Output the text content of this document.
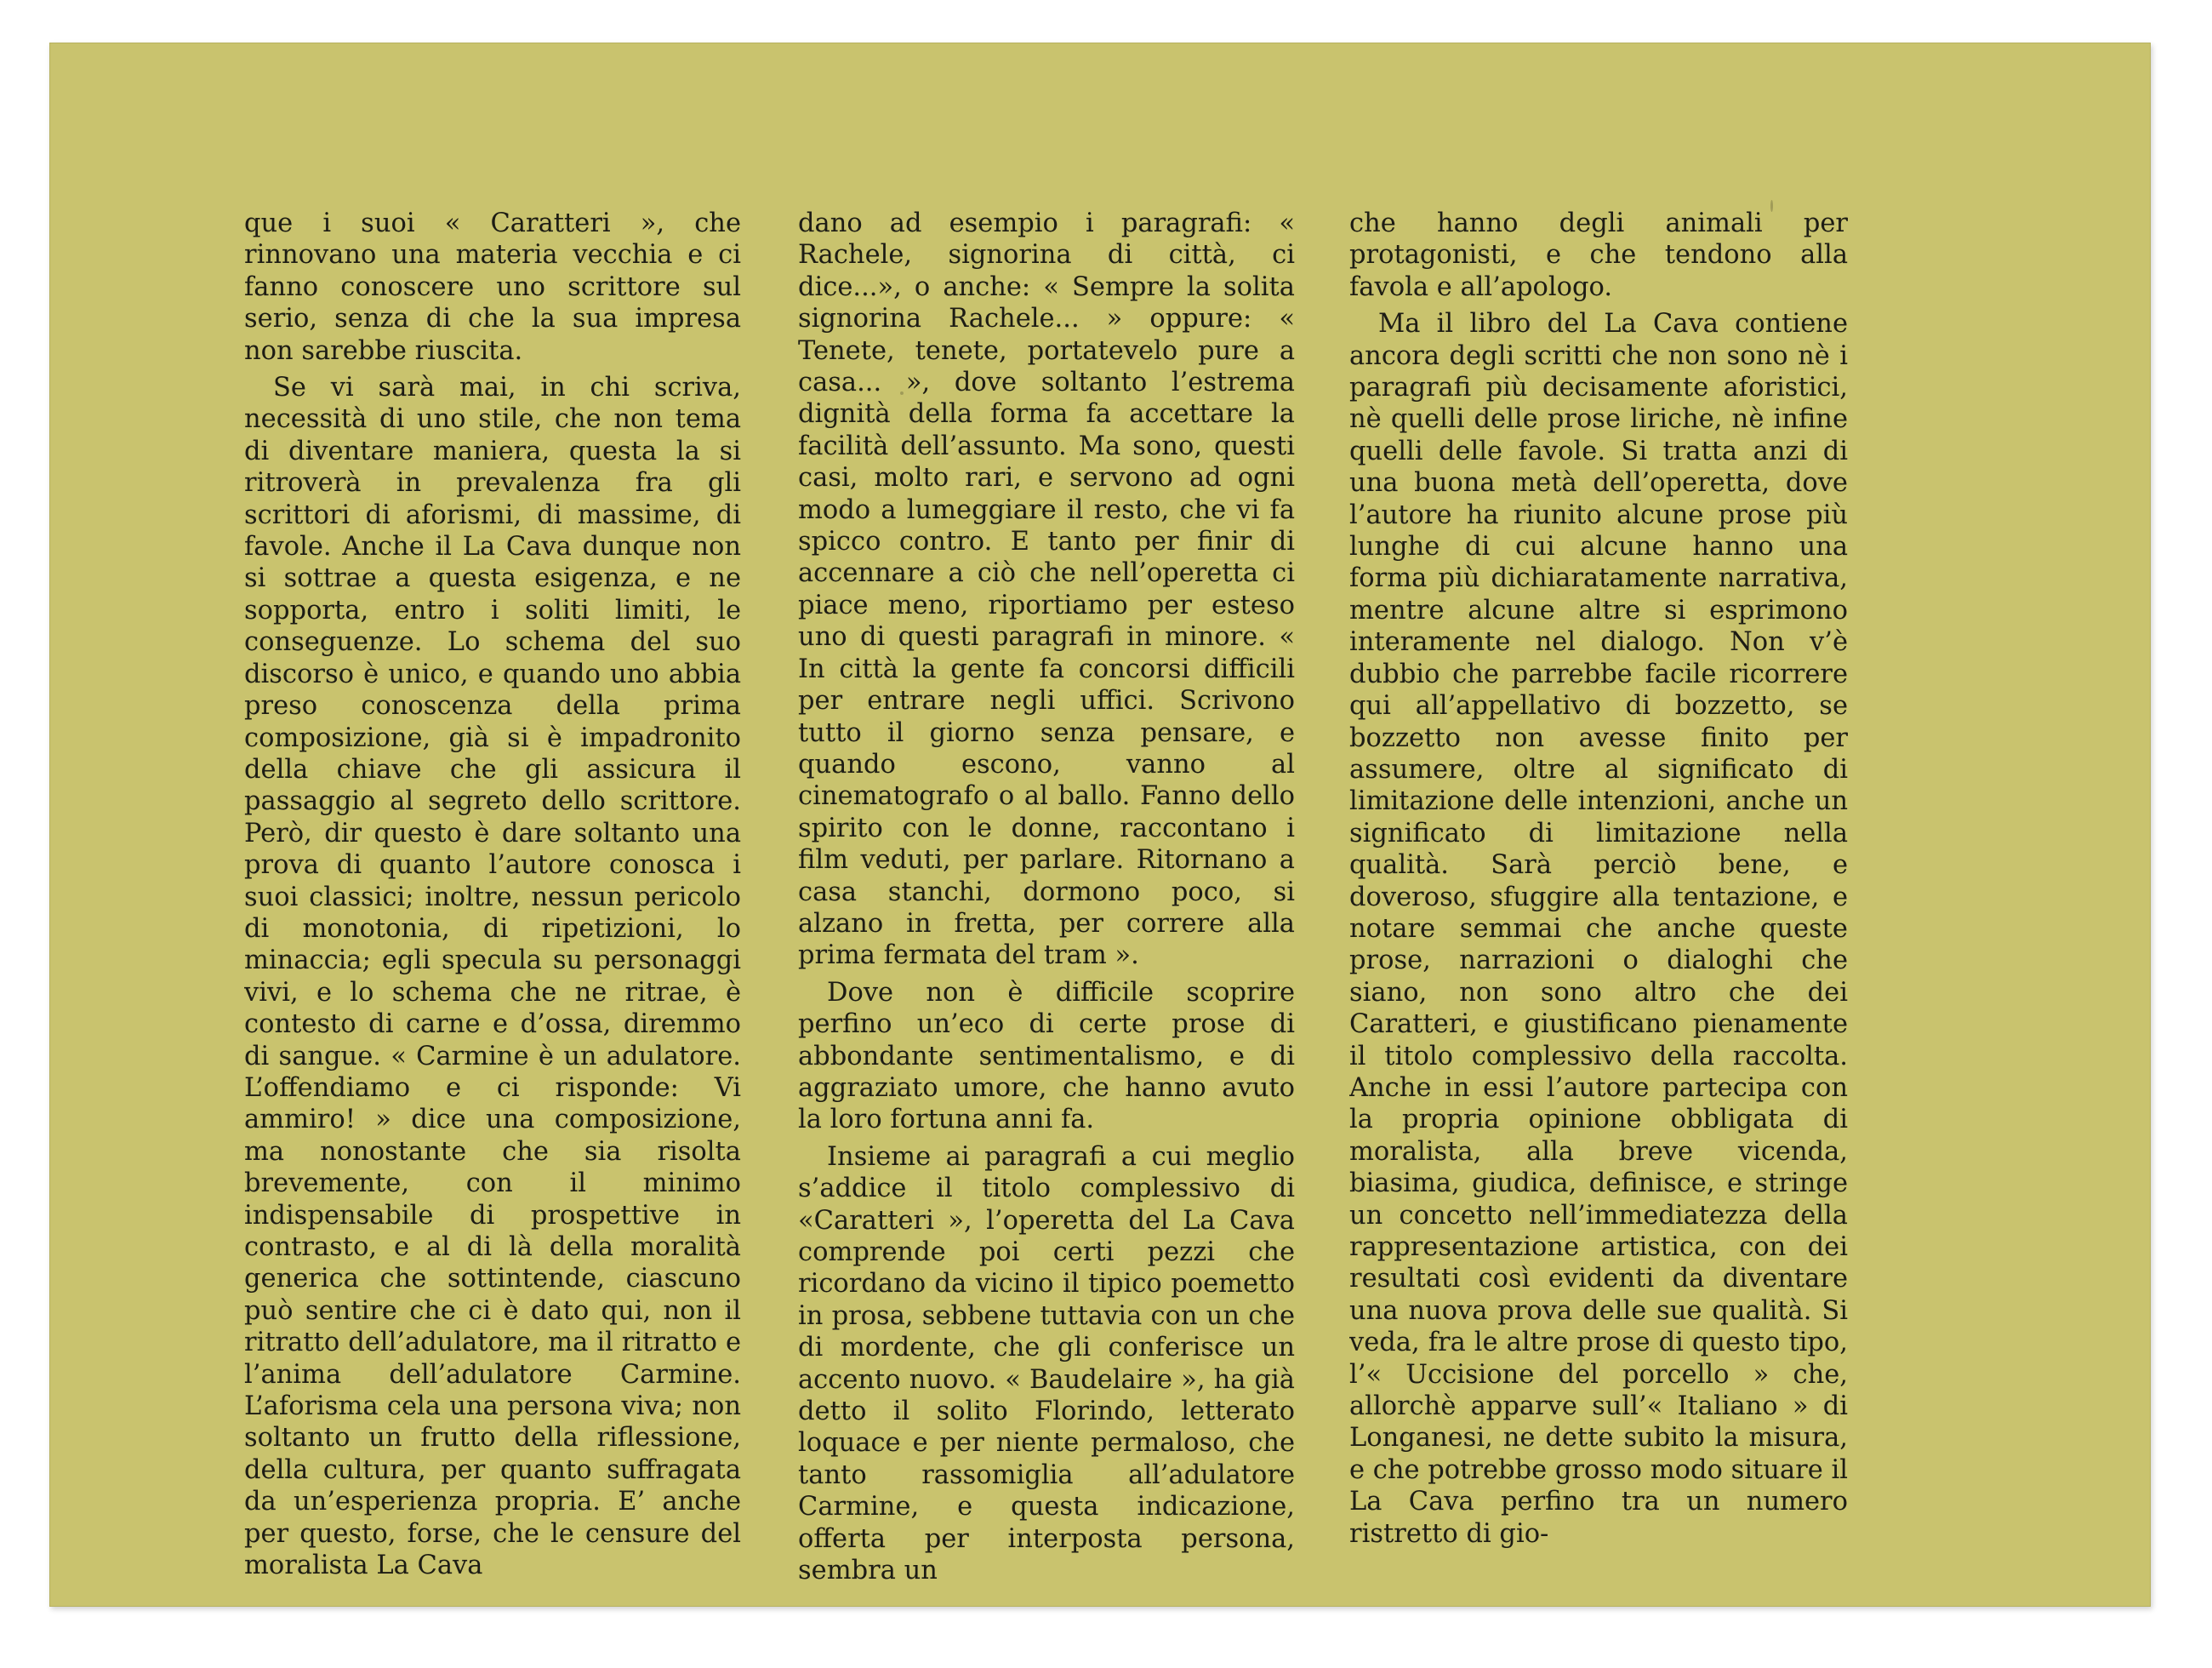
que i suoi « Caratteri », che rinnovano una materia vecchia e ci fanno conoscere uno scrittore sul serio, senza di che la sua impresa non sarebbe riuscita.

Se vi sarà mai, in chi scriva, necessità di uno stile, che non tema di diventare maniera, questa la si ritroverà in prevalenza fra gli scrittori di aforismi, di massime, di favole. Anche il La Cava dunque non si sottrae a questa esigenza, e ne sopporta, entro i soliti limiti, le conseguenze. Lo schema del suo discorso è unico, e quando uno abbia preso conoscenza della prima composizione, già si è impadronito della chiave che gli assicura il passaggio al segreto dello scrittore. Però, dir questo è dare soltanto una prova di quanto l’autore conosca i suoi classici; inoltre, nessun pericolo di monotonia, di ripetizioni, lo minaccia; egli specula su personaggi vivi, e lo schema che ne ritrae, è contesto di carne e d’ossa, diremmo di sangue. « Carmine è un adulatore. L’offendiamo e ci risponde: Vi ammiro! » dice una composizione, ma nonostante che sia risolta brevemente, con il minimo indispensabile di prospettive in contrasto, e al di là della moralità generica che sottintende, ciascuno può sentire che ci è dato qui, non il ritratto dell’adulatore, ma il ritratto e l’anima dell’adulatore Carmine. L’aforisma cela una persona viva; non soltanto un frutto della riflessione, della cultura, per quanto suffragata da un’esperienza propria. E’ anche per questo, forse, che le censure del moralista La Cava

dano ad esempio i paragrafi: « Rachele, signorina di città, ci dice...», o anche: « Sempre la solita signorina Rachele... » oppure: « Tenete, tenete, portatevelo pure a casa... », dove soltanto l’estrema dignità della forma fa accettare la facilità dell’assunto. Ma sono, questi casi, molto rari, e servono ad ogni modo a lumeggiare il resto, che vi fa spicco contro. E tanto per finir di accennare a ciò che nell’operetta ci piace meno, riportiamo per esteso uno di questi paragrafi in minore. « In città la gente fa concorsi difficili per entrare negli uffici. Scrivono tutto il giorno senza pensare, e quando escono, vanno al cinematografo o al ballo. Fanno dello spirito con le donne, raccontano i film veduti, per parlare. Ritornano a casa stanchi, dormono poco, si alzano in fretta, per correre alla prima fermata del tram ».

Dove non è difficile scoprire perfino un’eco di certe prose di abbondante sentimentalismo, e di aggraziato umore, che hanno avuto la loro fortuna anni fa.

Insieme ai paragrafi a cui meglio s’addice il titolo complessivo di «Caratteri », l’operetta del La Cava comprende poi certi pezzi che ricordano da vicino il tipico poemetto in prosa, sebbene tuttavia con un che di mordente, che gli conferisce un accento nuovo. « Baudelaire », ha già detto il solito Florindo, letterato loquace e per niente permaloso, che tanto rassomiglia all’adulatore Carmine, e questa indicazione, offerta per interposta persona, sembra un

che hanno degli animali per protagonisti, e che tendono alla favola e all’apologo.

Ma il libro del La Cava contiene ancora degli scritti che non sono nè i paragrafi più decisamente aforistici, nè quelli delle prose liriche, nè infine quelli delle favole. Si tratta anzi di una buona metà dell’operetta, dove l’autore ha riunito alcune prose più lunghe di cui alcune hanno una forma più dichiaratamente narrativa, mentre alcune altre si esprimono interamente nel dialogo. Non v’è dubbio che parrebbe facile ricorrere qui all’appellativo di bozzetto, se bozzetto non avesse finito per assumere, oltre al significato di limitazione delle intenzioni, anche un significato di limitazione nella qualità. Sarà perciò bene, e doveroso, sfuggire alla tentazione, e notare semmai che anche queste prose, narrazioni o dialoghi che siano, non sono altro che dei Caratteri, e giustificano pienamente il titolo complessivo della raccolta. Anche in essi l’autore partecipa con la propria opinione obbligata di moralista, alla breve vicenda, biasima, giudica, definisce, e stringe un concetto nell’immediatezza della rappresentazione artistica, con dei resultati così evidenti da diventare una nuova prova delle sue qualità. Si veda, fra le altre prose di questo tipo, l’« Uccisione del porcello » che, allorchè apparve sull’« Italiano » di Longanesi, ne dette subito la misura, e che potrebbe grosso modo situare il La Cava perfino tra un numero ristretto di gio-
